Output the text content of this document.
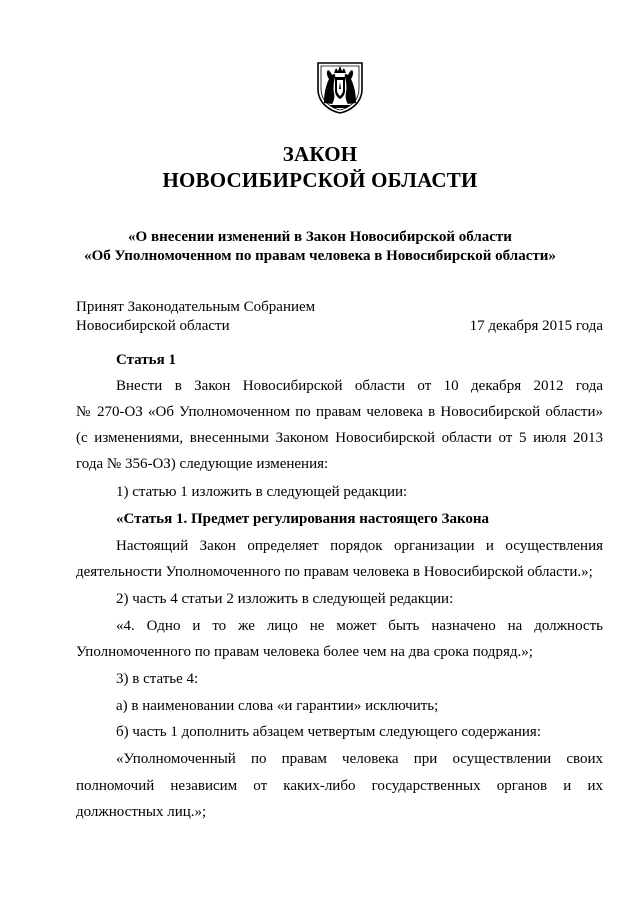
ЗАКОН
НОВОСИБИРСКОЙ ОБЛАСТИ
«О внесении изменений в Закон Новосибирской области
«Об Уполномоченном по правам человека в Новосибирской области»
Принят Законодательным Собранием
Новосибирской области	17 декабря 2015 года
Статья 1
Внести в Закон Новосибирской области от 10 декабря 2012 года
№ 270-ОЗ «Об Уполномоченном по правам человека в Новосибирской области»
(с изменениями, внесенными Законом Новосибирской области от 5 июля 2013
года № 356-ОЗ) следующие изменения:
1) статью 1 изложить в следующей редакции:
«Статья 1. Предмет регулирования настоящего Закона
Настоящий Закон определяет порядок организации и осуществления
деятельности Уполномоченного по правам человека в Новосибирской области.»;
2) часть 4 статьи 2 изложить в следующей редакции:
«4. Одно и то же лицо не может быть назначено на должность
Уполномоченного по правам человека более чем на два срока подряд.»;
3) в статье 4:
а) в наименовании слова «и гарантии» исключить;
б) часть 1 дополнить абзацем четвертым следующего содержания:
«Уполномоченный по правам человека при осуществлении своих
полномочий независим от каких-либо государственных органов и их
должностных лиц.»;
